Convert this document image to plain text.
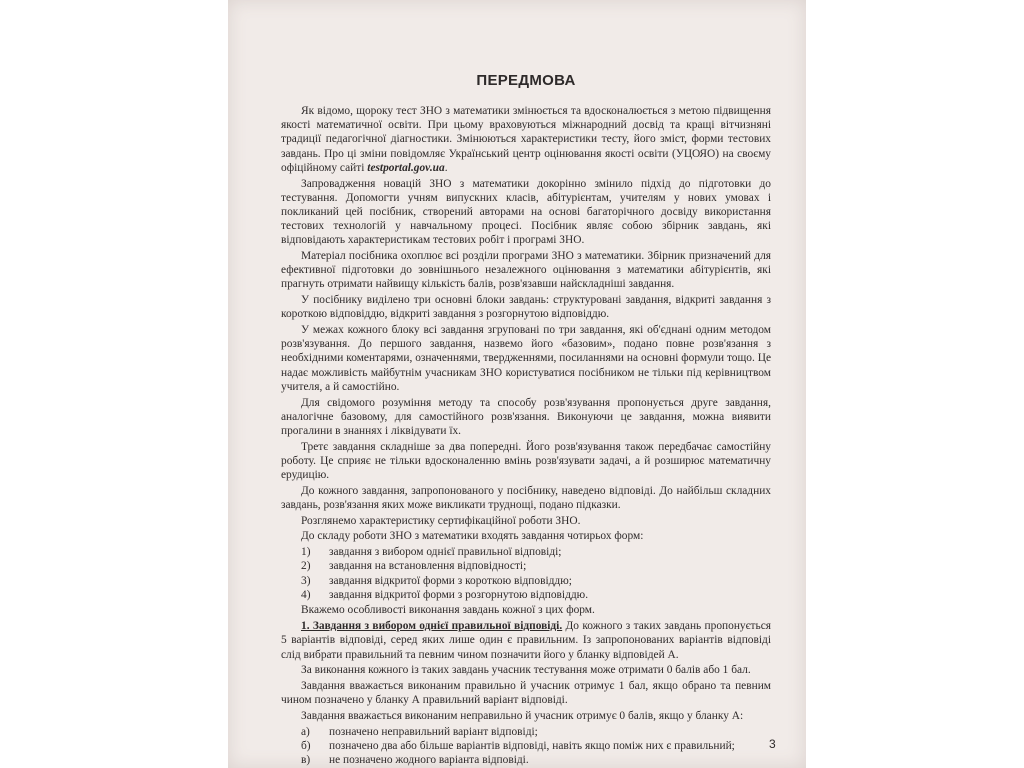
ПЕРЕДМОВА

Як відомо, щороку тест ЗНО з математики змінюється та вдосконалюється з метою підвищення якості математичної освіти. При цьому враховуються міжнародний досвід та кращі вітчизняні традиції педагогічної діагностики. Змінюються характеристики тесту, його зміст, форми тестових завдань. Про ці зміни повідомляє Український центр оцінювання якості освіти (УЦОЯО) на своєму офіційному сайті testportal.gov.ua.

Запровадження новацій ЗНО з математики докорінно змінило підхід до підготовки до тестування. Допомогти учням випускних класів, абітурієнтам, учителям у нових умовах і покликаний цей посібник, створений авторами на основі багаторічного досвіду використання тестових технологій у навчальному процесі. Посібник являє собою збірник завдань, які відповідають характеристикам тестових робіт і програмі ЗНО.

Матеріал посібника охоплює всі розділи програми ЗНО з математики. Збірник призначений для ефективної підготовки до зовнішнього незалежного оцінювання з математики абітурієнтів, які прагнуть отримати найвищу кількість балів, розв'язавши найскладніші завдання.

У посібнику виділено три основні блоки завдань: структуровані завдання, відкриті завдання з короткою відповіддю, відкриті завдання з розгорнутою відповіддю.

У межах кожного блоку всі завдання згруповані по три завдання, які об'єднані одним методом розв'язування. До першого завдання, назвемо його «базовим», подано повне розв'язання з необхідними коментарями, означеннями, твердженнями, посиланнями на основні формули тощо. Це надає можливість майбутнім учасникам ЗНО користуватися посібником не тільки під керівництвом учителя, а й самостійно.

Для свідомого розуміння методу та способу розв'язування пропонується друге завдання, аналогічне базовому, для самостійного розв'язання. Виконуючи це завдання, можна виявити прогалини в знаннях і ліквідувати їх.

Третє завдання складніше за два попередні. Його розв'язування також передбачає самостійну роботу. Це сприяє не тільки вдосконаленню вмінь розв'язувати задачі, а й розширює математичну ерудицію.

До кожного завдання, запропонованого у посібнику, наведено відповіді. До найбільш складних завдань, розв'язання яких може викликати труднощі, подано підказки.

Розглянемо характеристику сертифікаційної роботи ЗНО.

До складу роботи ЗНО з математики входять завдання чотирьох форм:

1)	завдання з вибором однієї правильної відповіді;
2)	завдання на встановлення відповідності;
3)	завдання відкритої форми з короткою відповіддю;
4)	завдання відкритої форми з розгорнутою відповіддю.

Вкажемо особливості виконання завдань кожної з цих форм.

1. Завдання з вибором однієї правильної відповіді. До кожного з таких завдань пропонується 5 варіантів відповіді, серед яких лише один є правильним. Із запропонованих варіантів відповіді слід вибрати правильний та певним чином позначити його у бланку відповідей А.

За виконання кожного із таких завдань учасник тестування може отримати 0 балів або 1 бал.

Завдання вважається виконаним правильно й учасник отримує 1 бал, якщо обрано та певним чином позначено у бланку А правильний варіант відповіді.

Завдання вважається виконаним неправильно й учасник отримує 0 балів, якщо у бланку А:

а)	позначено неправильний варіант відповіді;
б)	позначено два або більше варіантів відповіді, навіть якщо поміж них є правильний;
в)	не позначено жодного варіанта відповіді.
3
